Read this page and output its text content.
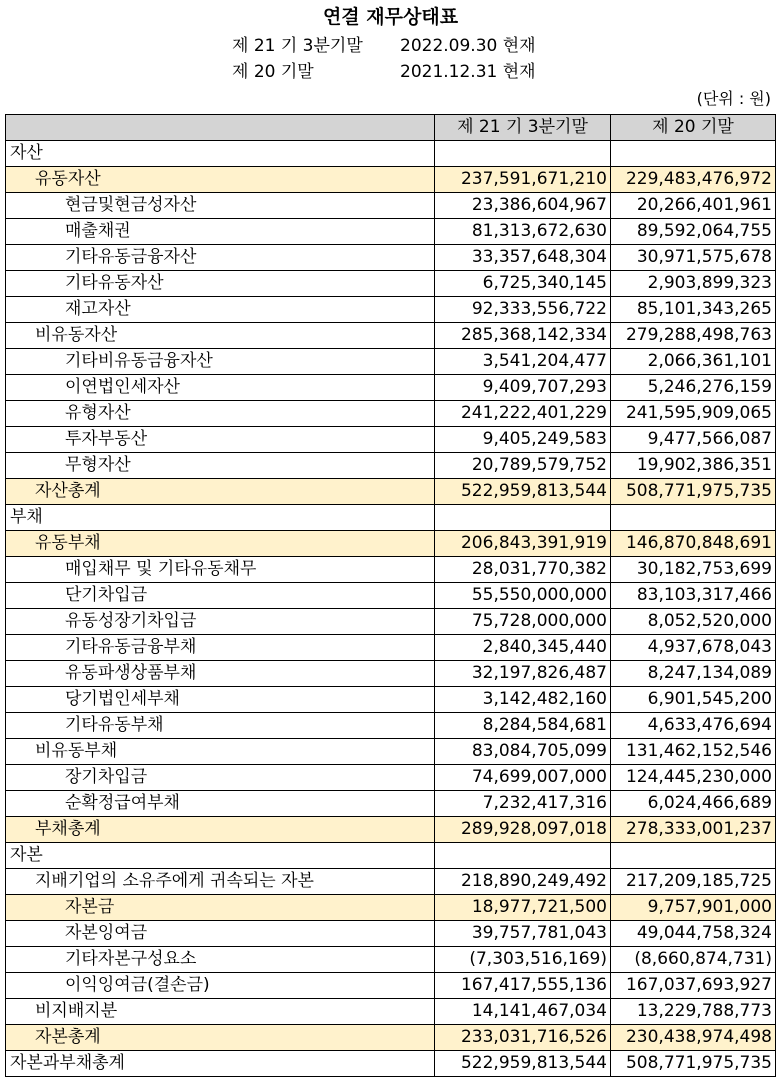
연결 재무상태표
제 21 기 3분기말 2022.09.30 현재
제 20 기말	2021.12.31 현재
(단위 : 원)
	제 21 기 3분기말	제 20 기말
자산		
유동자산	237,591,671,210	229,483,476,972
현금및현금성자산	23,386,604,967	20,266,401,961
매출채권	81,313,672,630	89,592,064,755
기타유동금융자산	33,357,648,304	30,971,575,678
기타유동자산	6,725,340,145	2,903,899,323
재고자산	92,333,556,722	85,101,343,265
비유동자산	285,368,142,334	279,288,498,763
기타비유동금융자산	3,541,204,477	2,066,361,101
이연법인세자산	9,409,707,293	5,246,276,159
유형자산	241,222,401,229	241,595,909,065
투자부동산	9,405,249,583	9,477,566,087
무형자산	20,789,579,752	19,902,386,351
자산총계	522,959,813,544	508,771,975,735
부채		
유동부채	206,843,391,919	146,870,848,691
매입채무 및 기타유동채무	28,031,770,382	30,182,753,699
단기차입금	55,550,000,000	83,103,317,466
유동성장기차입금	75,728,000,000	8,052,520,000
기타유동금융부채	2,840,345,440	4,937,678,043
유동파생상품부채	32,197,826,487	8,247,134,089
당기법인세부채	3,142,482,160	6,901,545,200
기타유동부채	8,284,584,681	4,633,476,694
비유동부채	83,084,705,099	131,462,152,546
장기차입금	74,699,007,000	124,445,230,000
순확정급여부채	7,232,417,316	6,024,466,689
부채총계	289,928,097,018	278,333,001,237
자본		
지배기업의 소유주에게 귀속되는 자본	218,890,249,492	217,209,185,725
자본금	18,977,721,500	9,757,901,000
자본잉여금	39,757,781,043	49,044,758,324
기타자본구성요소	(7,303,516,169)	(8,660,874,731)
이익잉여금(결손금)	167,417,555,136	167,037,693,927
비지배지분	14,141,467,034	13,229,788,773
자본총계	233,031,716,526	230,438,974,498
자본과부채총계	522,959,813,544	508,771,975,735
